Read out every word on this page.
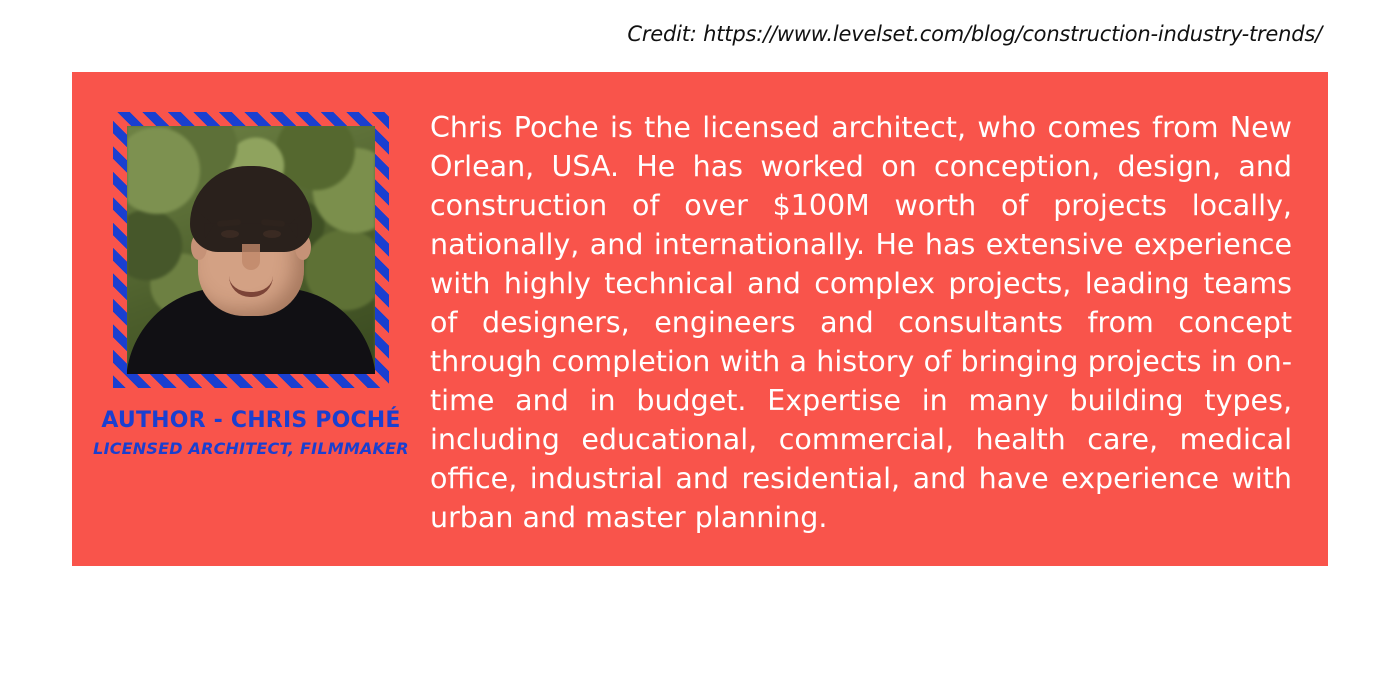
Credit: https://www.levelset.com/blog/construction-industry-trends/
AUTHOR - CHRIS POCHÉ
LICENSED ARCHITECT, FILMMAKER

Chris Poche is the licensed architect, who comes from New Orlean, USA. He has worked on conception, design, and construction of over $100M worth of projects locally, nationally, and internationally. He has extensive experience with highly technical and complex projects, leading teams of designers, engineers and consultants from concept through completion with a history of bringing projects in on-time and in budget. Expertise in many building types, including educational, commercial, health care, medical office, industrial and residential, and have experience with urban and master planning.
